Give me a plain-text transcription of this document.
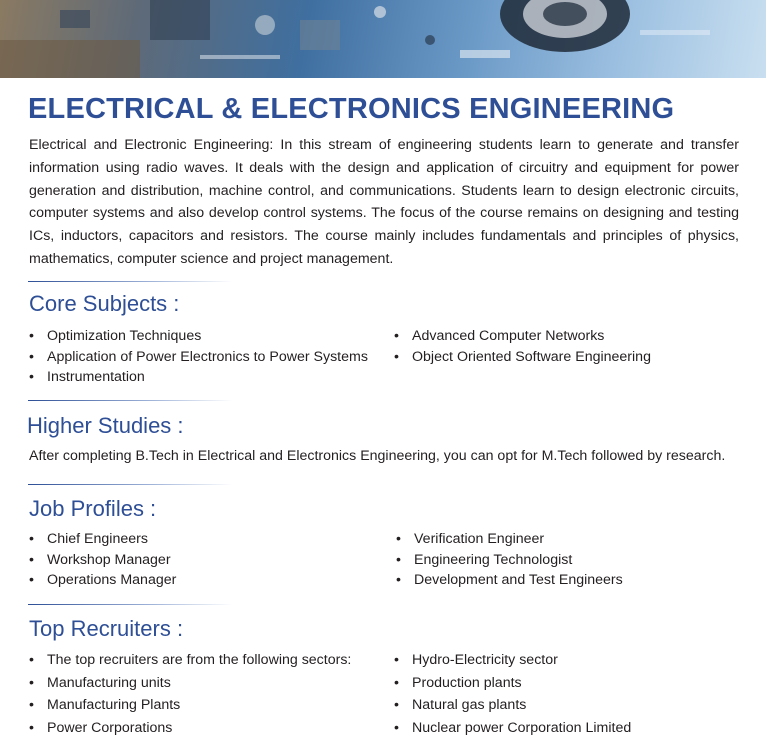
ELECTRICAL & ELECTRONICS ENGINEERING

Electrical and Electronic Engineering: In this stream of engineering students learn to generate and transfer information using radio waves. It deals with the design and application of circuitry and equipment for power generation and distribution, machine control, and communications. Students learn to design electronic circuits, computer systems and also develop control systems. The focus of the course remains on designing and testing ICs, inductors, capacitors and resistors. The course mainly includes fundamentals and principles of physics, mathematics, computer science and project management.

Core Subjects :
• Optimization Techniques
• Application of Power Electronics to Power Systems
• Instrumentation
• Advanced Computer Networks
• Object Oriented Software Engineering
Higher Studies :

After completing B.Tech in Electrical and Electronics Engineering, you can opt for M.Tech followed by research.

Job Profiles :
• Chief Engineers
• Workshop Manager
• Operations Manager
• Verification Engineer
• Engineering Technologist
• Development and Test Engineers
Top Recruiters :
• The top recruiters are from the following sectors:
• Manufacturing units
• Manufacturing Plants
• Power Corporations
• Hydro-Electricity sector
• Production plants
• Natural gas plants
• Nuclear power Corporation Limited
